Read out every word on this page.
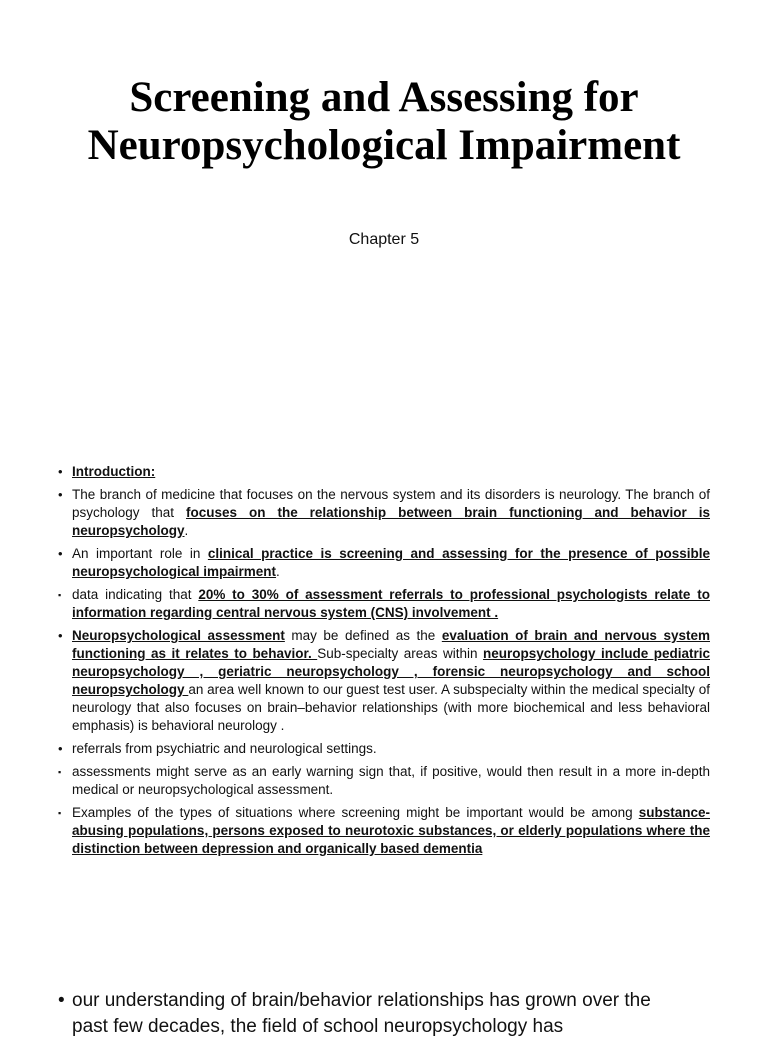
Screening and Assessing for Neuropsychological Impairment
Chapter 5
• Introduction:
• The branch of medicine that focuses on the nervous system and its disorders is neurology. The branch of psychology that focuses on the relationship between brain functioning and behavior is neuropsychology.
• An important role in clinical practice is screening and assessing for the presence of possible neuropsychological impairment.
▪ data indicating that 20% to 30% of assessment referrals to professional psychologists relate to information regarding central nervous system (CNS) involvement .
• Neuropsychological assessment may be defined as the evaluation of brain and nervous system functioning as it relates to behavior. Sub-specialty areas within neuropsychology include pediatric neuropsychology , geriatric neuropsychology , forensic neuropsychology and school neuropsychology an area well known to our guest test user. A subspecialty within the medical specialty of neurology that also focuses on brain–behavior relationships (with more biochemical and less behavioral emphasis) is behavioral neurology .
• referrals from psychiatric and neurological settings.
▪ assessments might serve as an early warning sign that, if positive, would then result in a more in-depth medical or neuropsychological assessment.
▪ Examples of the types of situations where screening might be important would be among substance-abusing populations, persons exposed to neurotoxic substances, or elderly populations where the distinction between depression and organically based dementia
• our understanding of brain/behavior relationships has grown over the
past few decades, the field of school neuropsychology has
